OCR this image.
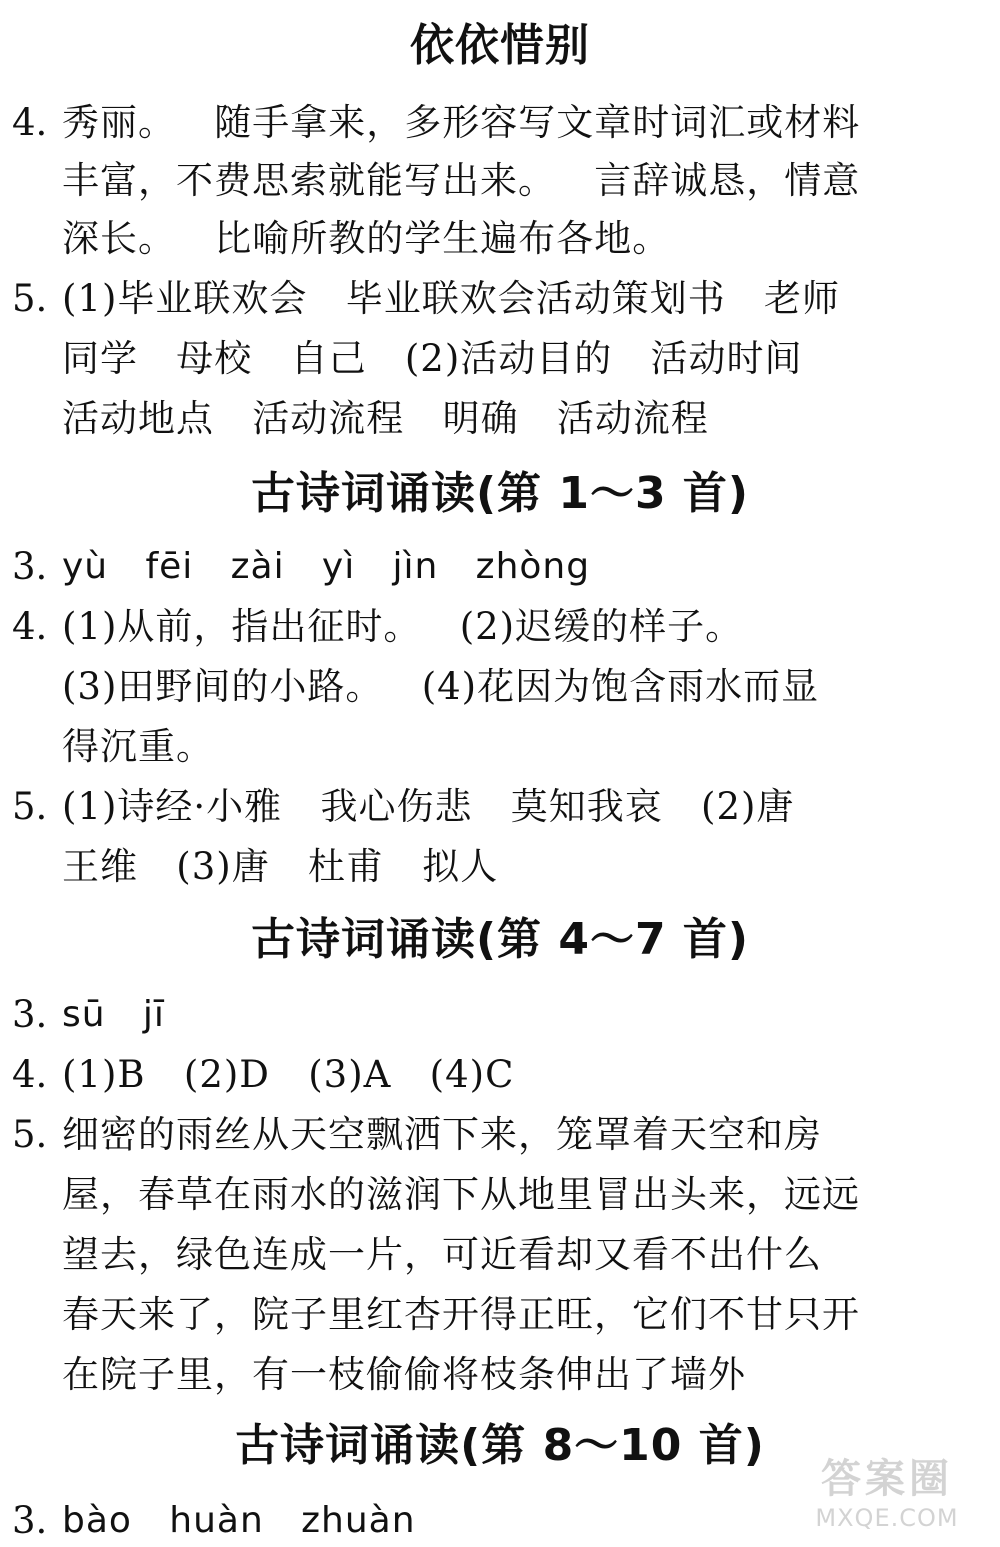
依依惜别
4. 秀丽。   随手拿来，多形容写文章时词汇或材料
丰富，不费思索就能写出来。   言辞诚恳，情意
深长。   比喻所教的学生遍布各地。
5. (1)毕业联欢会   毕业联欢会活动策划书   老师
同学   母校   自己   (2)活动目的   活动时间
活动地点   活动流程   明确   活动流程
古诗词诵读(第 1～3 首)
3. yù   fēi   zài   yì   jìn   zhòng
4. (1)从前，指出征时。   (2)迟缓的样子。
(3)田野间的小路。   (4)花因为饱含雨水而显
得沉重。
5. (1)诗经·小雅   我心伤悲   莫知我哀   (2)唐
王维   (3)唐   杜甫   拟人
古诗词诵读(第 4～7 首)
3. sū   jī
4. (1)B   (2)D   (3)A   (4)C
5. 细密的雨丝从天空飘洒下来，笼罩着天空和房
屋，春草在雨水的滋润下从地里冒出头来，远远
望去，绿色连成一片，可近看却又看不出什么
春天来了，院子里红杏开得正旺，它们不甘只开
在院子里，有一枝偷偷将枝条伸出了墙外
古诗词诵读(第 8～10 首)
3. bào   huàn   zhuàn
答案圈
MXQE.COM
